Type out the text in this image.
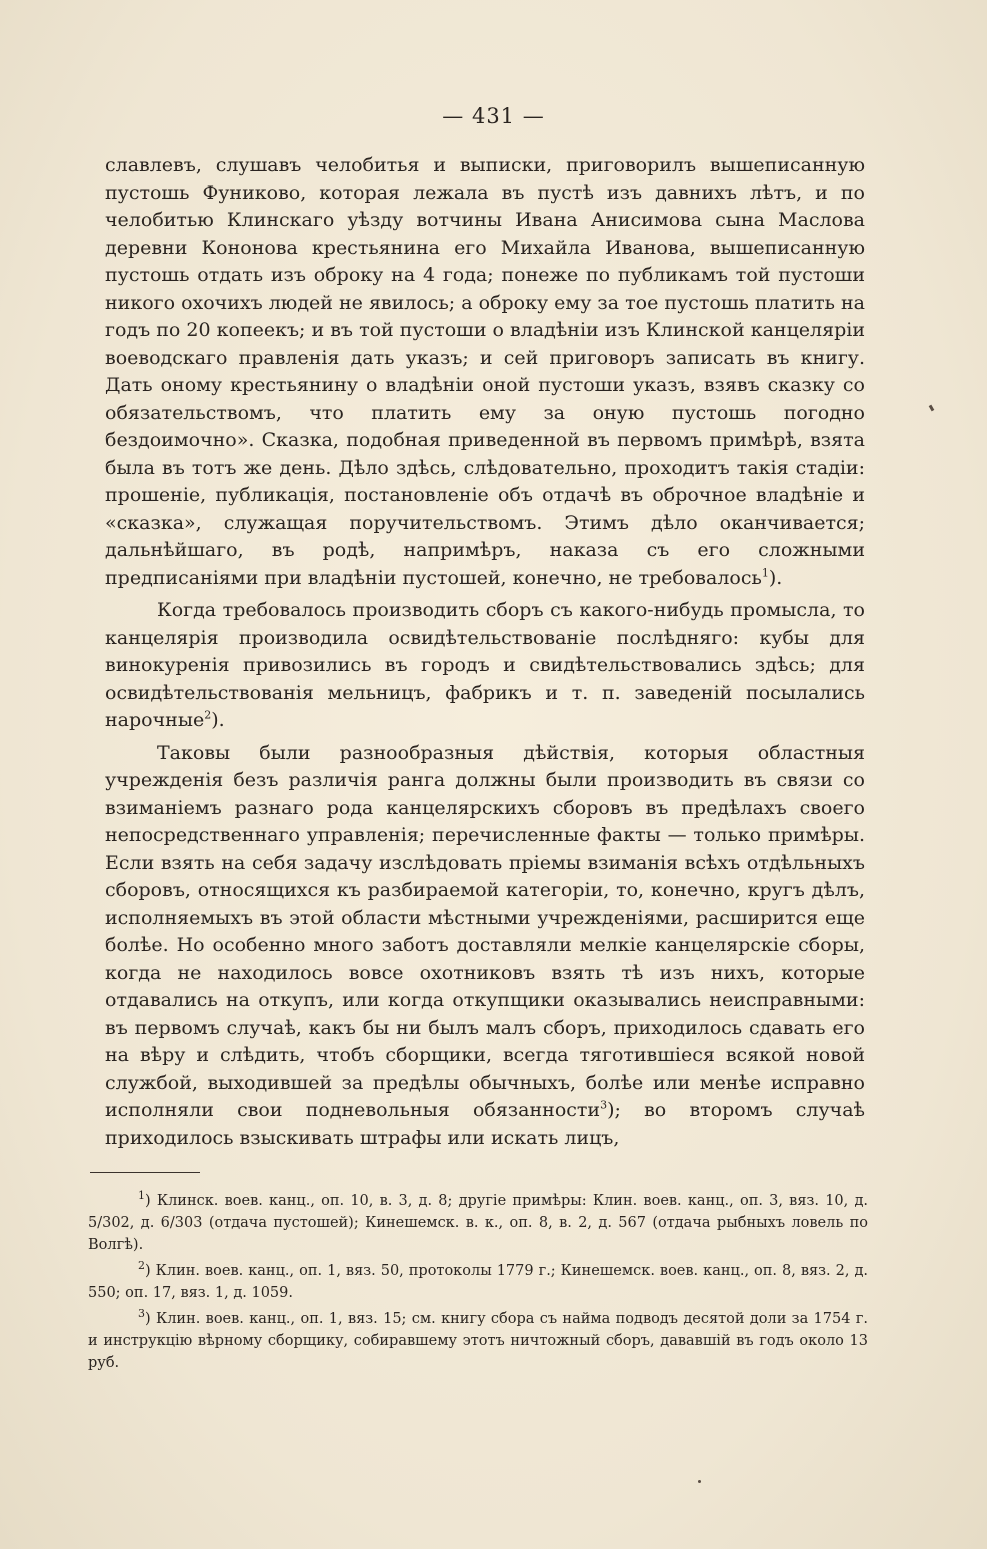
— 431 —

славлевъ, слушавъ челобитья и выписки, приговорилъ вышеписанную пустошь Фуниково, которая лежала въ пустѣ изъ давнихъ лѣтъ, и по челобитью Клинскаго уѣзду вотчины Ивана Анисимова сына Маслова деревни Кононова крестьянина его Михайла Иванова, вышеписанную пустошь отдать изъ оброку на 4 года; понеже по публикамъ той пустоши никого охочихъ людей не явилось; а оброку ему за тое пустошь платить на годъ по 20 копеекъ; и въ той пустоши о владѣніи изъ Клинской канцеляріи воеводскаго правленія дать указъ; и сей приговоръ записать въ книгу. Дать оному крестьянину о владѣніи оной пустоши указъ, взявъ сказку со обязательствомъ, что платить ему за оную пустошь погодно бездоимочно». Сказка, подобная приведенной въ первомъ примѣрѣ, взята была въ тотъ же день. Дѣло здѣсь, слѣдовательно, проходитъ такія стадіи: прошеніе, публикація, постановленіе объ отдачѣ въ оброчное владѣніе и «сказка», служащая поручительствомъ. Этимъ дѣло оканчивается; дальнѣйшаго, въ родѣ, напримѣръ, наказа съ его сложными предписаніями при владѣніи пустошей, конечно, не требовалось$^1$).

Когда требовалось производить сборъ съ какого-нибудь промысла, то канцелярія производила освидѣтельствованіе послѣдняго: кубы для винокуренія привозились въ городъ и свидѣтельствовались здѣсь; для освидѣтельствованія мельницъ, фабрикъ и т. п. заведеній посылались нарочные$^2$).

Таковы были разнообразныя дѣйствія, которыя областныя учрежденія безъ различія ранга должны были производить въ связи со взиманіемъ разнаго рода канцелярскихъ сборовъ въ предѣлахъ своего непосредственнаго управленія; перечисленные факты — только примѣры. Если взять на себя задачу изслѣдовать пріемы взиманія всѣхъ отдѣльныхъ сборовъ, относящихся къ разбираемой категоріи, то, конечно, кругъ дѣлъ, исполняемыхъ въ этой области мѣстными учрежденіями, расширится еще болѣе. Но особенно много заботъ доставляли мелкіе канцелярскіе сборы, когда не находилось вовсе охотниковъ взять тѣ изъ нихъ, которые отдавались на откупъ, или когда откупщики оказывались неисправными: въ первомъ случаѣ, какъ бы ни былъ малъ сборъ, приходилось сдавать его на вѣру и слѣдить, чтобъ сборщики, всегда тяготившіеся всякой новой службой, выходившей за предѣлы обычныхъ, болѣе или менѣе исправно исполняли свои подневольныя обязанности$^3$); во второмъ случаѣ приходилось взыскивать штрафы или искать лицъ,

$^1$) Клинск. воев. канц., оп. 10, в. 3, д. 8; другіе примѣры: Клин. воев. канц., оп. 3, вяз. 10, д. 5/302, д. 6/303 (отдача пустошей); Кинешемск. в. к., оп. 8, в. 2, д. 567 (отдача рыбныхъ ловель по Волгѣ).

$^2$) Клин. воев. канц., оп. 1, вяз. 50, протоколы 1779 г.; Кинешемск. воев. канц., оп. 8, вяз. 2, д. 550; оп. 17, вяз. 1, д. 1059.

$^3$) Клин. воев. канц., оп. 1, вяз. 15; см. книгу сбора съ найма подводъ десятой доли за 1754 г. и инструкцію вѣрному сборщику, собиравшему этотъ ничтожный сборъ, дававшій въ годъ около 13 руб.
